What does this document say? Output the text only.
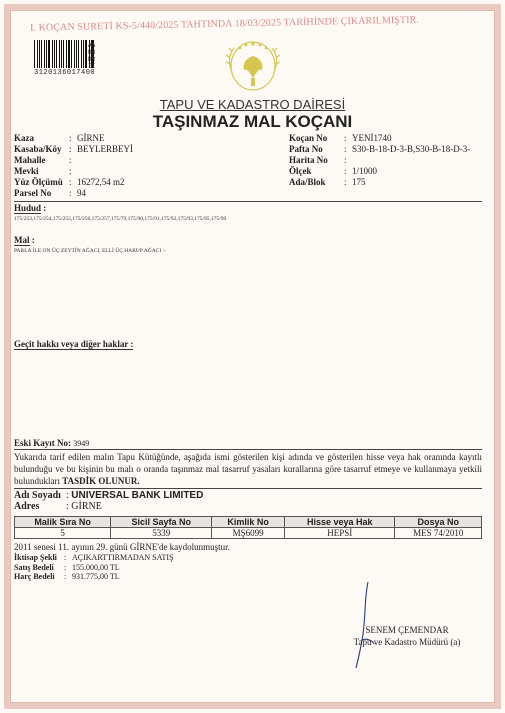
I. KOÇAN SURETİ KS-5/440/2025 TAHTINDA 18/03/2025 TARİHİNDE ÇIKARILMIŞTIR.
3120136017400
AA
BB
RR
II
TAPU VE KADASTRO DAİRESİ
TAŞINMAZ MAL KOÇANI
Kaza	: GİRNE
Kasaba/Köy : BEYLERBEYİ
Mahalle	:
Mevki	:
Yüz Ölçümü : 16272,54 m2
Parsel No	: 94
Koçan No	: YENİ1740
Pafta No	: S30-B-18-D-3-B,S30-B-18-D-3-
Harita No	:
Ölçek	: 1/1000
Ada/Blok	: 175
Hudud :
175/253,175/254,175/255,175/256,175/257,175/79,175/90,175/91,175/92,175/93,175/95,175/99
Mal :
PARLA İLE ON ÜÇ ZEYTİN AĞACI, ELLİ ÜÇ HARUP AĞACI :-
Geçit hakkı veya diğer haklar :
Eski Kayıt No: 3949
Yukarıda tarif edilen malın Tapu Kütüğünde, aşağıda ismi gösterilen kişi adında ve gösterilen hisse veya hak oranında kayıtlı bulunduğu ve bu kişinin bu malı o oranda taşınmaz mal tasarruf yasaları kurallarına göre tasarruf etmeye ve kullanmaya yetkili bulundukları TASDİK OLUNUR.
Adı Soyadı : UNIVERSAL BANK LIMITED
Adres	: GİRNE
Malik Sıra No	Sicil Sayfa No	Kimlik No	Hisse veya Hak	Dosya No
5	5339	MŞ6099	HEPSİ	MES 74/2010
2011 senesi 11. ayının 29. günü GİRNE'de kaydolunmuştur.
İktisap Şekli : AÇIKARTTIRMADAN SATIŞ
Satış Bedeli	: 155.000,00 TL
Harç Bedeli	: 931.775,00 TL
SENEM ÇEMENDAR
Tapu ve Kadastro Müdürü (a)
